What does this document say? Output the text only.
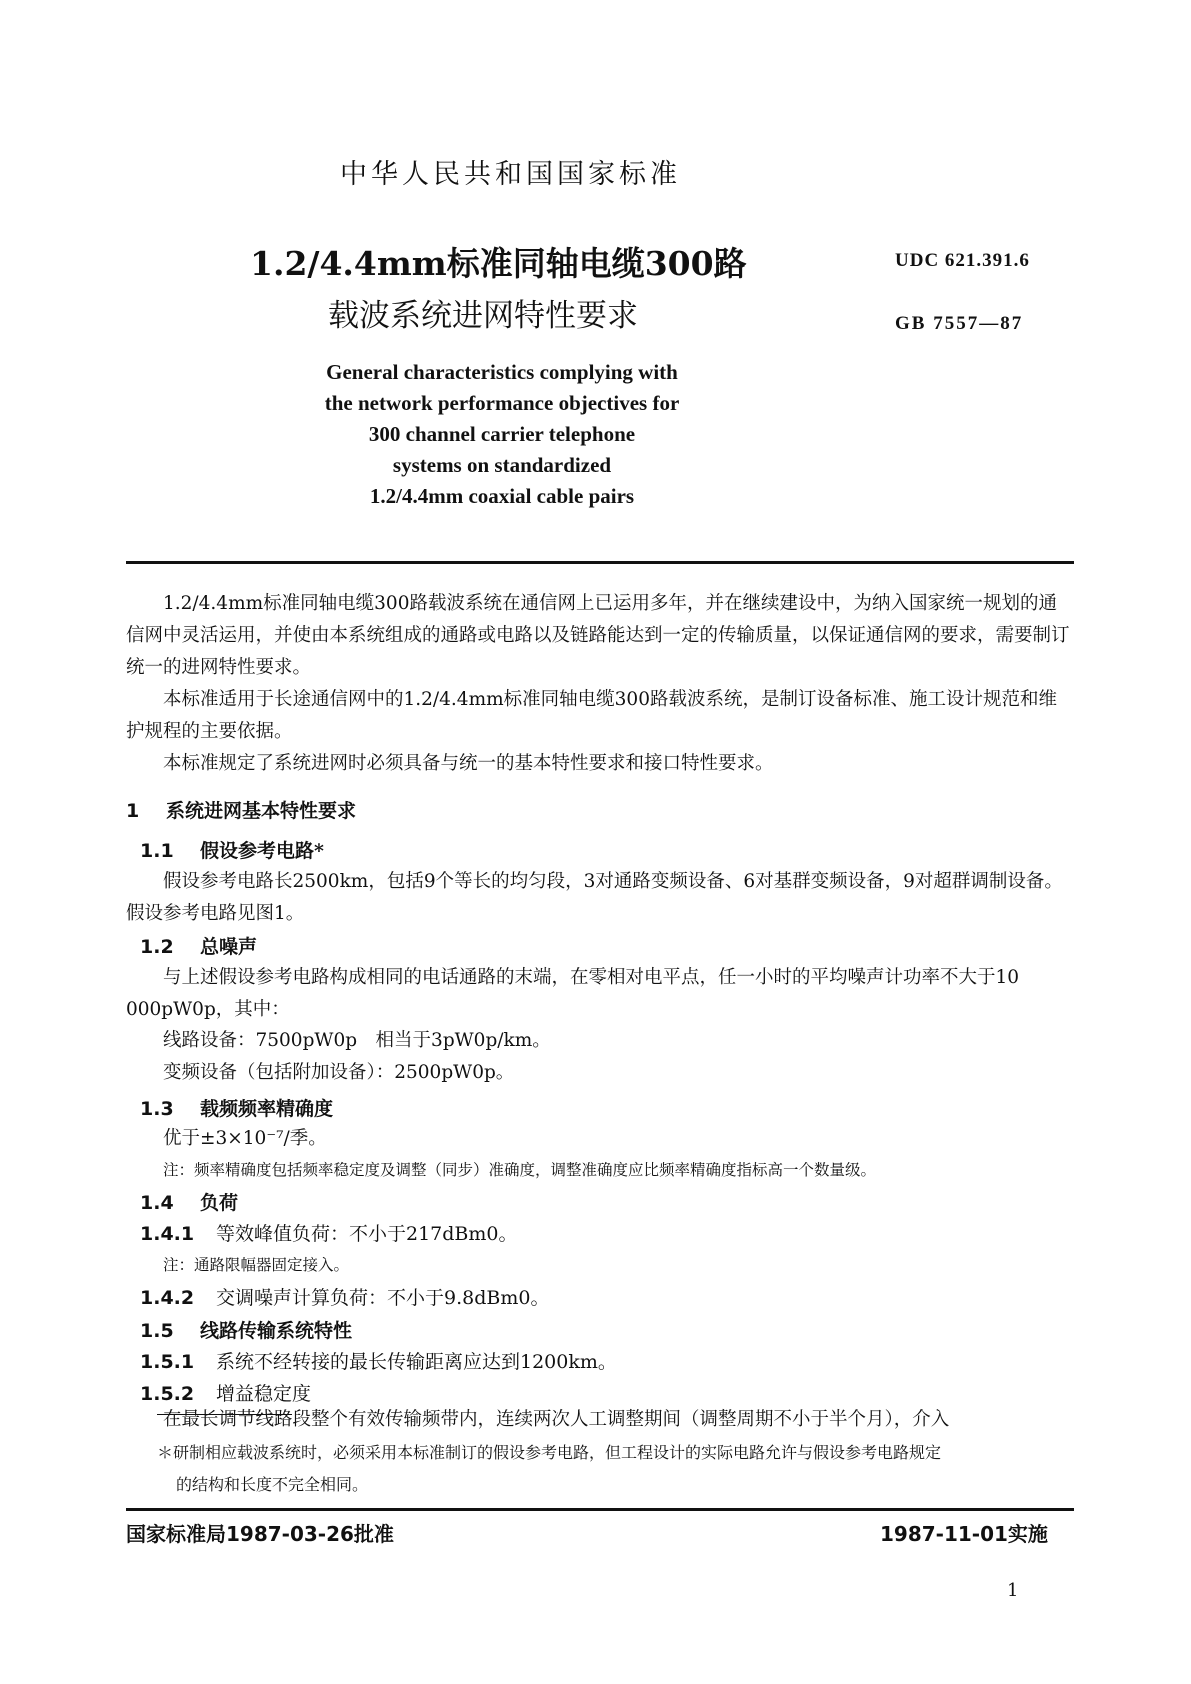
中华人民共和国国家标准
1.2/4.4mm标准同轴电缆300路
载波系统进网特性要求
UDC 621.391.6
GB 7557—87
General characteristics complying with
the network performance objectives for
300 channel carrier telephone
systems on standardized
1.2/4.4mm coaxial cable pairs
1.2/4.4mm标准同轴电缆300路载波系统在通信网上已运用多年，并在继续建设中，为纳入国家统一规划的通信网中灵活运用，并使由本系统组成的通路或电路以及链路能达到一定的传输质量，以保证通信网的要求，需要制订统一的进网特性要求。
本标准适用于长途通信网中的1.2/4.4mm标准同轴电缆300路载波系统，是制订设备标准、施工设计规范和维护规程的主要依据。
本标准规定了系统进网时必须具备与统一的基本特性要求和接口特性要求。
1 系统进网基本特性要求
1.1 假设参考电路*
假设参考电路长2500km，包括9个等长的均匀段，3对通路变频设备、6对基群变频设备，9对超群调制设备。假设参考电路见图1。
1.2 总噪声
与上述假设参考电路构成相同的电话通路的末端，在零相对电平点，任一小时的平均噪声计功率不大于10 000pW0p，其中：
线路设备：7500pW0p　相当于3pW0p/km。
变频设备（包括附加设备）：2500pW0p。
1.3 载频频率精确度
优于±3×10⁻⁷/季。
注：频率精确度包括频率稳定度及调整（同步）准确度，调整准确度应比频率精确度指标高一个数量级。
1.4 负荷
1.4.1 等效峰值负荷：不小于217dBm0。
注：通路限幅器固定接入。
1.4.2 交调噪声计算负荷：不小于9.8dBm0。
1.5 线路传输系统特性
1.5.1 系统不经转接的最长传输距离应达到1200km。
1.5.2 增益稳定度
在最长调节线路段整个有效传输频带内，连续两次人工调整期间（调整周期不小于半个月），介入
＊研制相应载波系统时，必须采用本标准制订的假设参考电路，但工程设计的实际电路允许与假设参考电路规定
的结构和长度不完全相同。
国家标准局1987-03-26批准	1987-11-01实施
1
